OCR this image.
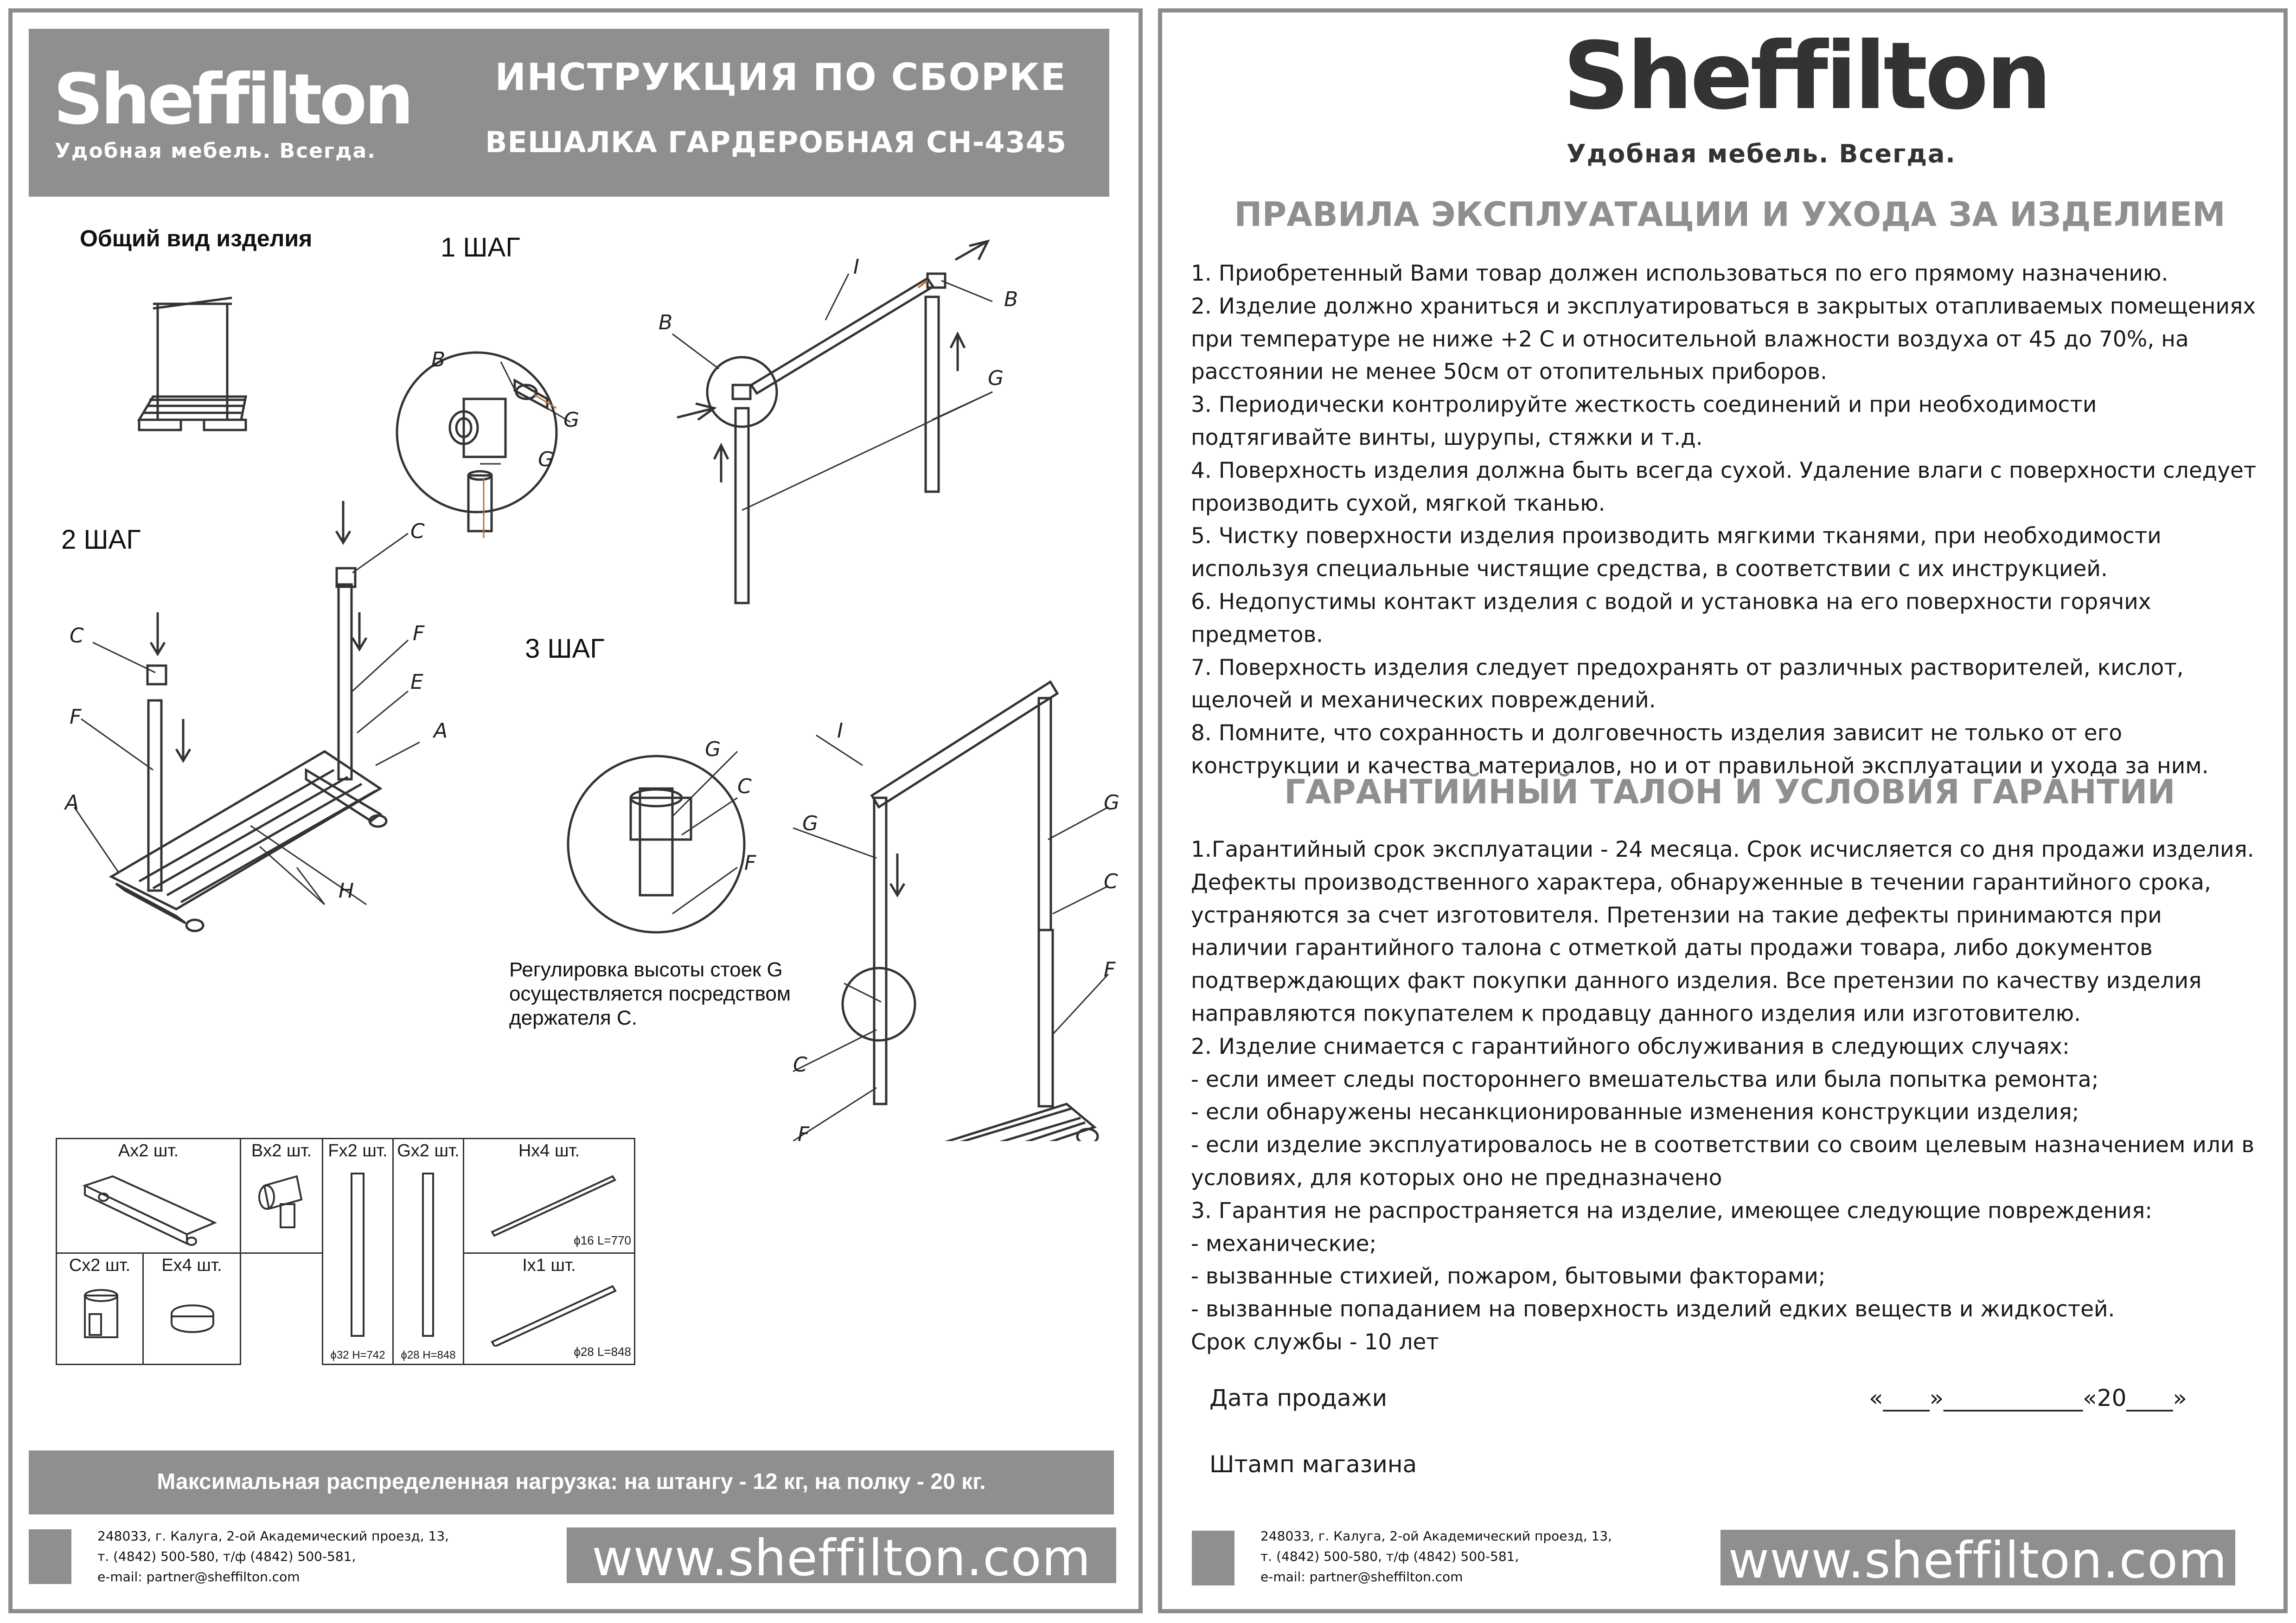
Sheffilton
Удобная мебель. Всегда.
ИНСТРУКЦИЯ ПО СБОРКЕ
ВЕШАЛКА ГАРДЕРОБНАЯ СН-4345
B
I
B
G
B
G
G
C
F
E
A
C
F
A
H
G
C
F
I
G
G
C
F
C
F
Общий вид изделия	1 ШАГ
2 ШАГ
3 ШАГ
Регулировка высоты стоек G осуществляется посредством держателя С.
Ax2 шт.	Bx2 шт. Fx2 шт.
ϕ32 H=742
Gx2 шт.
ϕ28 H=848
Hx4 шт.
ϕ16 L=770
Cx2 шт.	Ex4 шт.	Ix1 шт.
ϕ28 L=848
Максимальная распределенная нагрузка: на штангу - 12 кг, на полку - 20 кг.
248033, г. Калуга, 2-ой Академический проезд, 13,
т. (4842) 500-580, т/ф (4842) 500-581,
e-mail: partner@sheffilton.com	www.sheffilton.com
Sheffilton
Удобная мебель. Всегда.
ПРАВИЛА ЭКСПЛУАТАЦИИ И УХОДА ЗА ИЗДЕЛИЕМ

1. Приобретенный Вами товар должен использоваться по его прямому назначению.

2. Изделие должно храниться и эксплуатироваться в закрытых отапливаемых помещениях при температуре не ниже +2 С и относительной влажности воздуха от 45 до 70%, на расстоянии не менее 50см от отопительных приборов.

3. Периодически контролируйте жесткость соединений и при необходимости подтягивайте винты, шурупы, стяжки и т.д.

4. Поверхность изделия должна быть всегда сухой. Удаление влаги с поверхности следует производить сухой, мягкой тканью.

5. Чистку поверхности изделия производить мягкими тканями, при необходимости используя специальные чистящие средства, в соответствии с их инструкцией.

6. Недопустимы контакт изделия с водой и установка на его поверхности горячих предметов.

7. Поверхность изделия следует предохранять от различных растворителей, кислот, щелочей и механических повреждений.

8. Помните, что сохранность и долговечность изделия зависит не только от его конструкции и качества материалов, но и от правильной эксплуатации и ухода за ним.

ГАРАНТИЙНЫЙ ТАЛОН И УСЛОВИЯ ГАРАНТИИ

1.Гарантийный срок эксплуатации - 24 месяца. Срок исчисляется со дня продажи изделия. Дефекты производственного характера, обнаруженные в течении гарантийного срока, устраняются за счет изготовителя. Претензии на такие дефекты принимаются при наличии гарантийного талона с отметкой даты продажи товара, либо документов подтверждающих факт покупки данного изделия. Все претензии по качеству изделия направляются покупателем к продавцу данного изделия или изготовителю.

2. Изделие снимается с гарантийного обслуживания в следующих случаях:

- если имеет следы постороннего вмешательства или была попытка ремонта;

- если обнаружены несанкционированные изменения конструкции изделия;

- если изделие эксплуатировалось не в соответствии со своим целевым назначением или в условиях, для которых оно не предназначено

3. Гарантия не распространяется на изделие, имеющее следующие повреждения:

- механические;

- вызванные стихией, пожаром, бытовыми факторами;

- вызванные попаданием на поверхность изделий едких веществ и жидкостей.

Срок службы - 10 лет

Дата продажи	«____»____________«20____»
Штамп магазина
248033, г. Калуга, 2-ой Академический проезд, 13,
т. (4842) 500-580, т/ф (4842) 500-581,
e-mail: partner@sheffilton.com	www.sheffilton.com
